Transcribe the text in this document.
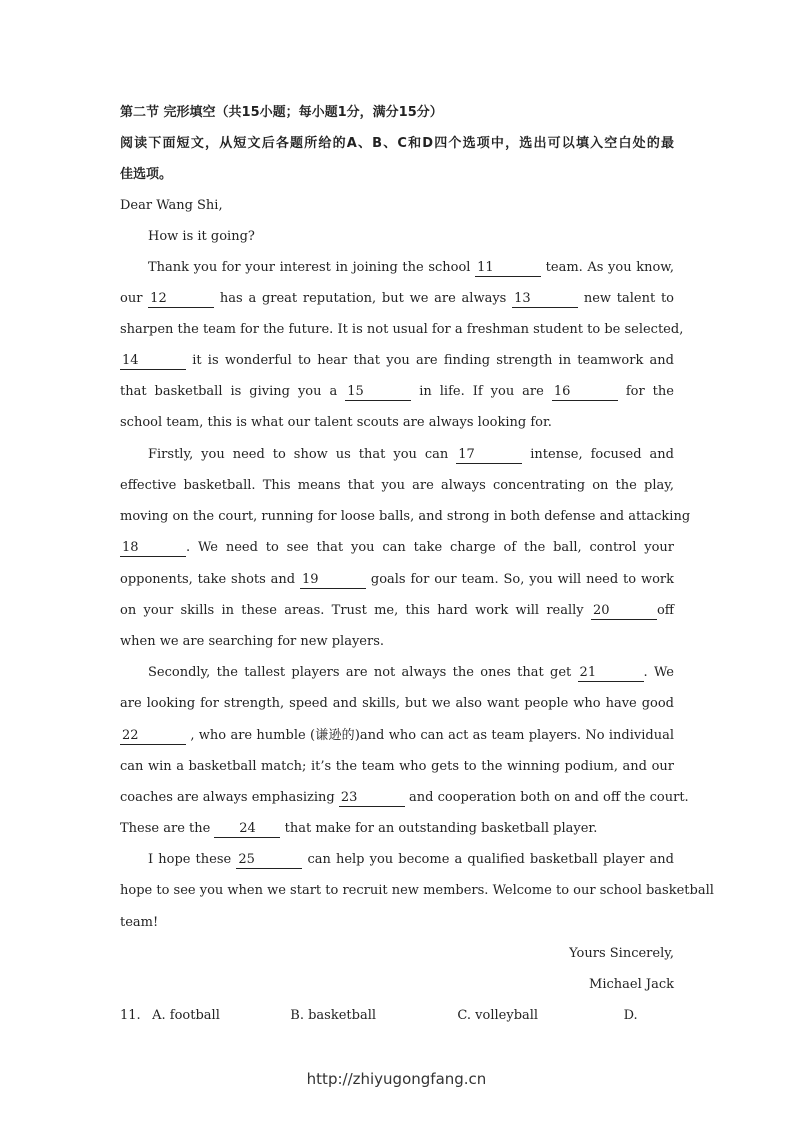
第二节 完形填空（共15小题；每小题1分，满分15分）
阅读下面短文，从短文后各题所给的A、B、C和D四个选项中，选出可以填入空白处的最
佳选项。
Dear Wang Shi,
How is it going?
Thank you for your interest in joining the school 11	team. As you know,
our 12	has a great reputation, but we are always 13	new talent to
sharpen the team for the future. It is not usual for a freshman student to be selected,
14	it is wonderful to hear that you are finding strength in teamwork and
that basketball is giving you a 15	in life. If you are 16	for the
school team, this is what our talent scouts are always looking for.
Firstly, you need to show us that you can 17	intense, focused and
effective basketball. This means that you are always concentrating on the play,
moving on the court, running for loose balls, and strong in both defense and attacking
18	. We need to see that you can take charge of the ball, control your
opponents, take shots and 19	goals for our team. So, you will need to work
on your skills in these areas. Trust me, this hard work will really 20	off
when we are searching for new players.
Secondly, the tallest players are not always the ones that get 21	. We
are looking for strength, speed and skills, but we also want people who have good
22	, who are humble (谦逊的)and who can act as team players. No individual
can win a basketball match; it’s the team who gets to the winning podium, and our
coaches are always emphasizing 23	and cooperation both on and off the court.
These are the 24 that make for an outstanding basketball player.
I hope these 25	can help you become a qualified basketball player and
hope to see you when we start to recruit new members. Welcome to our school basketball
team!
Yours Sincerely,
Michael Jack
11. A. football	B. basketball	C. volleyball	D.
http://zhiyugongfang.cn
